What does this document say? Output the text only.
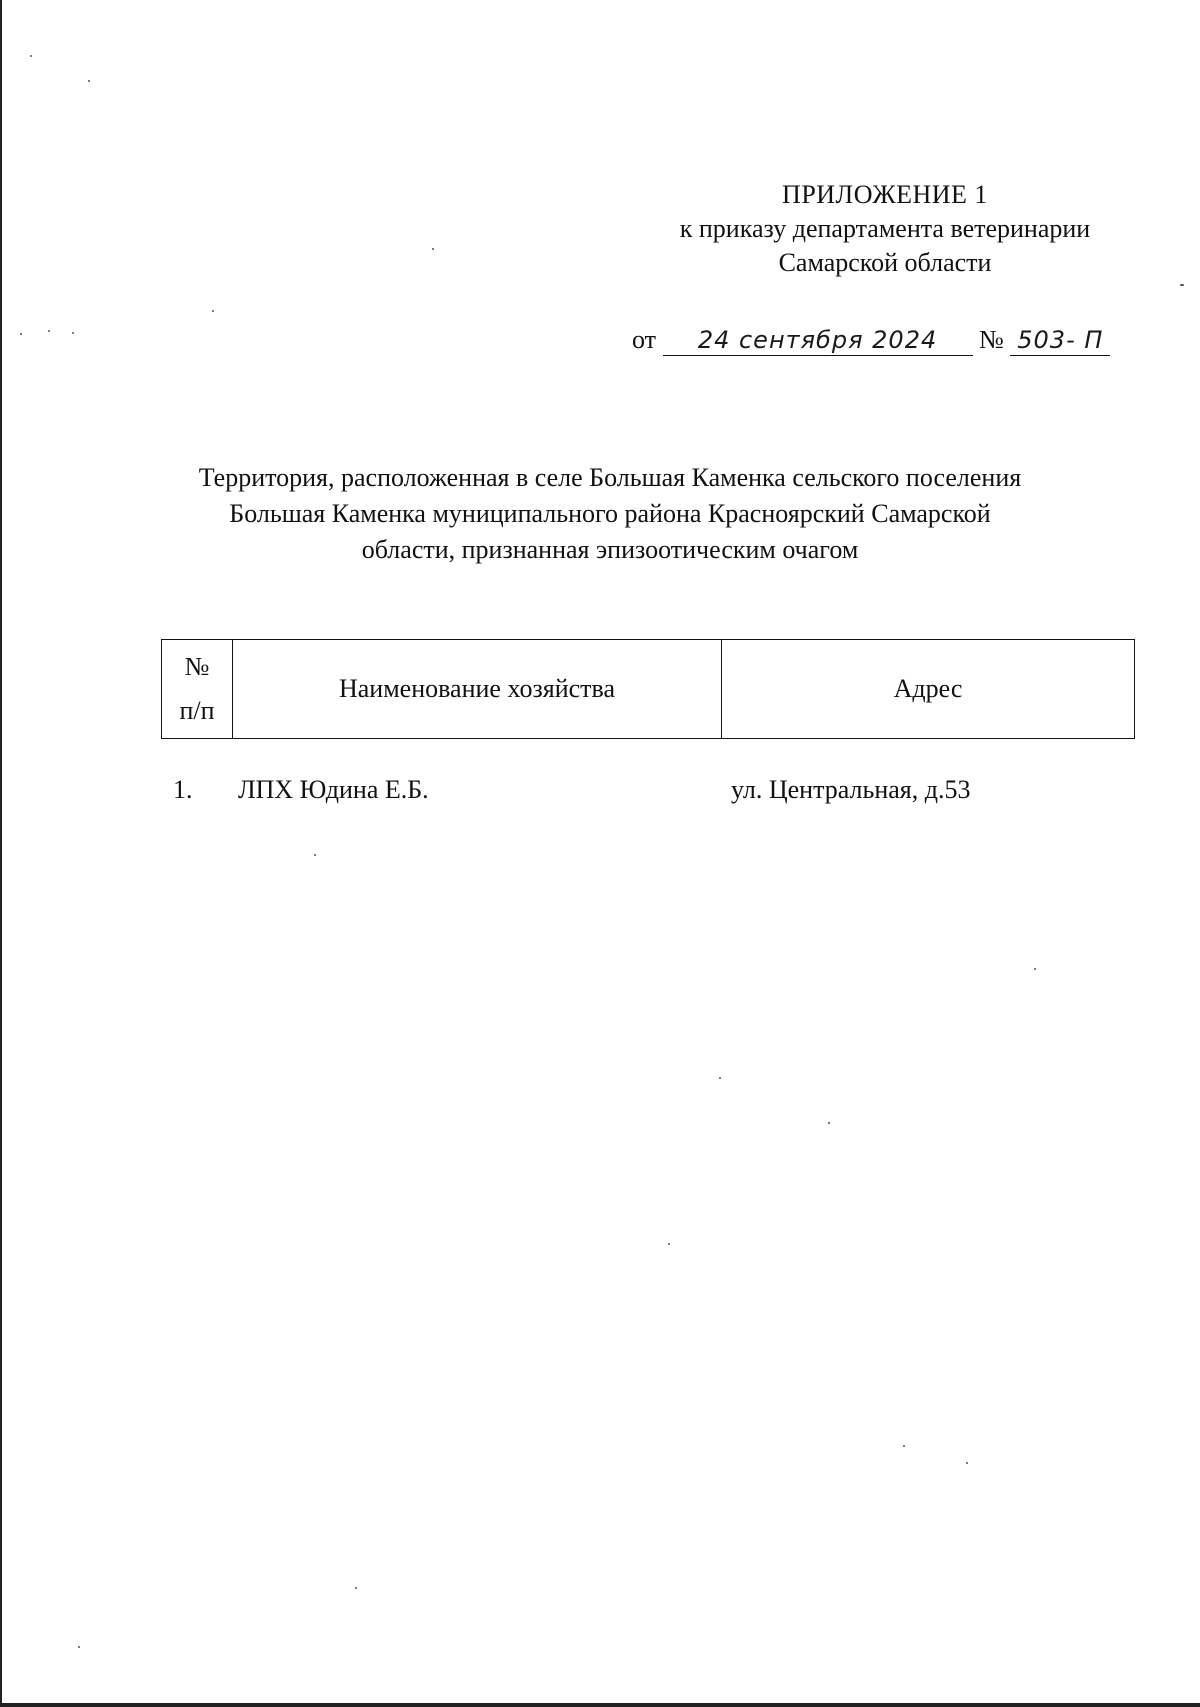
ПРИЛОЖЕНИЕ 1
к приказу департамента ветеринарии
Самарской области
от 24 сентября 2024 № 503- П
Территория, расположенная в селе Большая Каменка сельского поселения
Большая Каменка муниципального района Красноярский Самарской
области, признанная эпизоотическим очагом
№
п/п
	Наименование хозяйства	Адрес
1. ЛПХ Юдина Е.Б.	ул. Центральная, д.53
